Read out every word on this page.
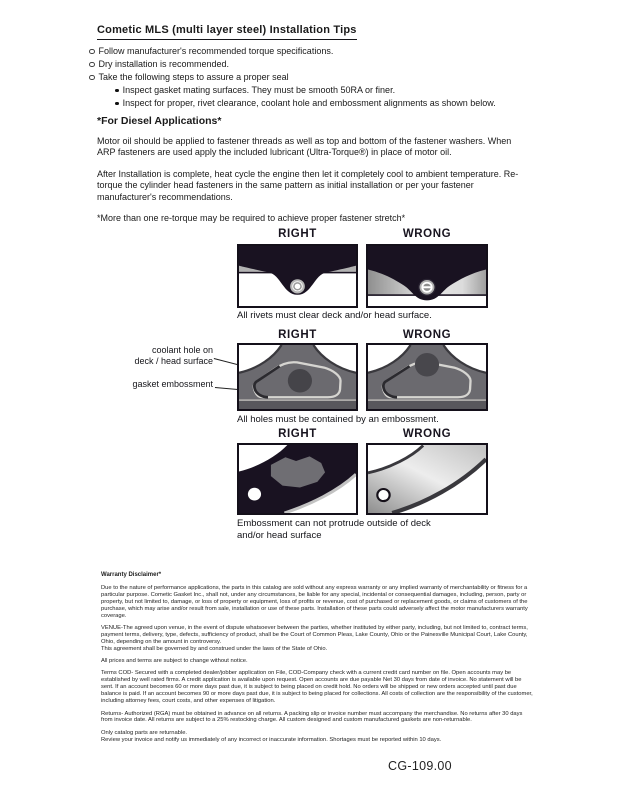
Cometic MLS (multi layer steel) Installation Tips
Follow manufacturer's recommended torque specifications.
Dry installation is recommended.
Take the following steps to assure a proper seal
Inspect gasket mating surfaces. They must be smooth 50RA or finer.
Inspect for proper, rivet clearance, coolant hole and embossment alignments as shown below.
*For Diesel Applications*

Motor oil should be applied to fastener threads as well as top and bottom of the fastener washers. When ARP fasteners are used apply the included lubricant (Ultra-Torque®) in place of motor oil.

After Installation is complete, heat cycle the engine then let it completely cool to ambient temperature. Re-torque the cylinder head fasteners in the same pattern as initial installation or per your fastener manufacturer's recommendations.

*More than one re-torque may be required to achieve proper fastener stretch*

RIGHT	WRONG
All rivets must clear deck and/or head surface.
coolant hole on
deck / head surface
gasket embossment
RIGHT	WRONG
All holes must be contained by an embossment.
RIGHT	WRONG
Embossment can not protrude outside of deck
and/or head surface
Warranty Disclaimer*

Due to the nature of performance applications, the parts in this catalog are sold without any express warranty or any implied warranty of merchantability or fitness for a particular purpose. Cometic Gasket Inc., shall not, under any circumstances, be liable for any special, incidental or consequential damages, including, person, party or property, but not limited to, damage, or loss of property or equipment, loss of profits or revenue, cost of purchased or replacement goods, or claims of customers of the purchase, which may arise and/or result from sale, installation or use of these parts. Installation of these parts could adversely affect the motor manufacturers warranty coverage.

VENUE-The agreed upon venue, in the event of dispute whatsoever between the parties, whether instituted by either party, including, but not limited to, contract terms, payment terms, delivery, type, defects, sufficiency of product, shall be the Court of Common Pleas, Lake County, Ohio or the Painesville Municipal Court, Lake County, Ohio, depending on the amount in controversy.

This agreement shall be governed by and construed under the laws of the State of Ohio.

All prices and terms are subject to change without notice.

Terms COD- Secured with a completed dealer/jobber application on File, COD-Company check with a current credit card number on file. Open accounts may be established by well rated firms. A credit application is available upon request. Open accounts are due payable Net 30 days from date of invoice. No statement will be sent. If an account becomes 60 or more days past due, it is subject to being placed on credit hold. No orders will be shipped or new orders accepted until past due balance is paid. If an account becomes 90 or more days past due, it is subject to being placed for collections. All costs of collection are the responsibility of the customer, including attorney fees, court costs, and other expenses of litigation.

Returns- Authorized (RGA) must be obtained in advance on all returns. A packing slip or invoice number must accompany the merchandise. No returns after 30 days from invoice date. All returns are subject to a 25% restocking charge. All custom designed and custom manufactured gaskets are non-returnable.

Only catalog parts are returnable.

Review your invoice and notify us immediately of any incorrect or inaccurate information. Shortages must be reported within 10 days.

CG-109.00
